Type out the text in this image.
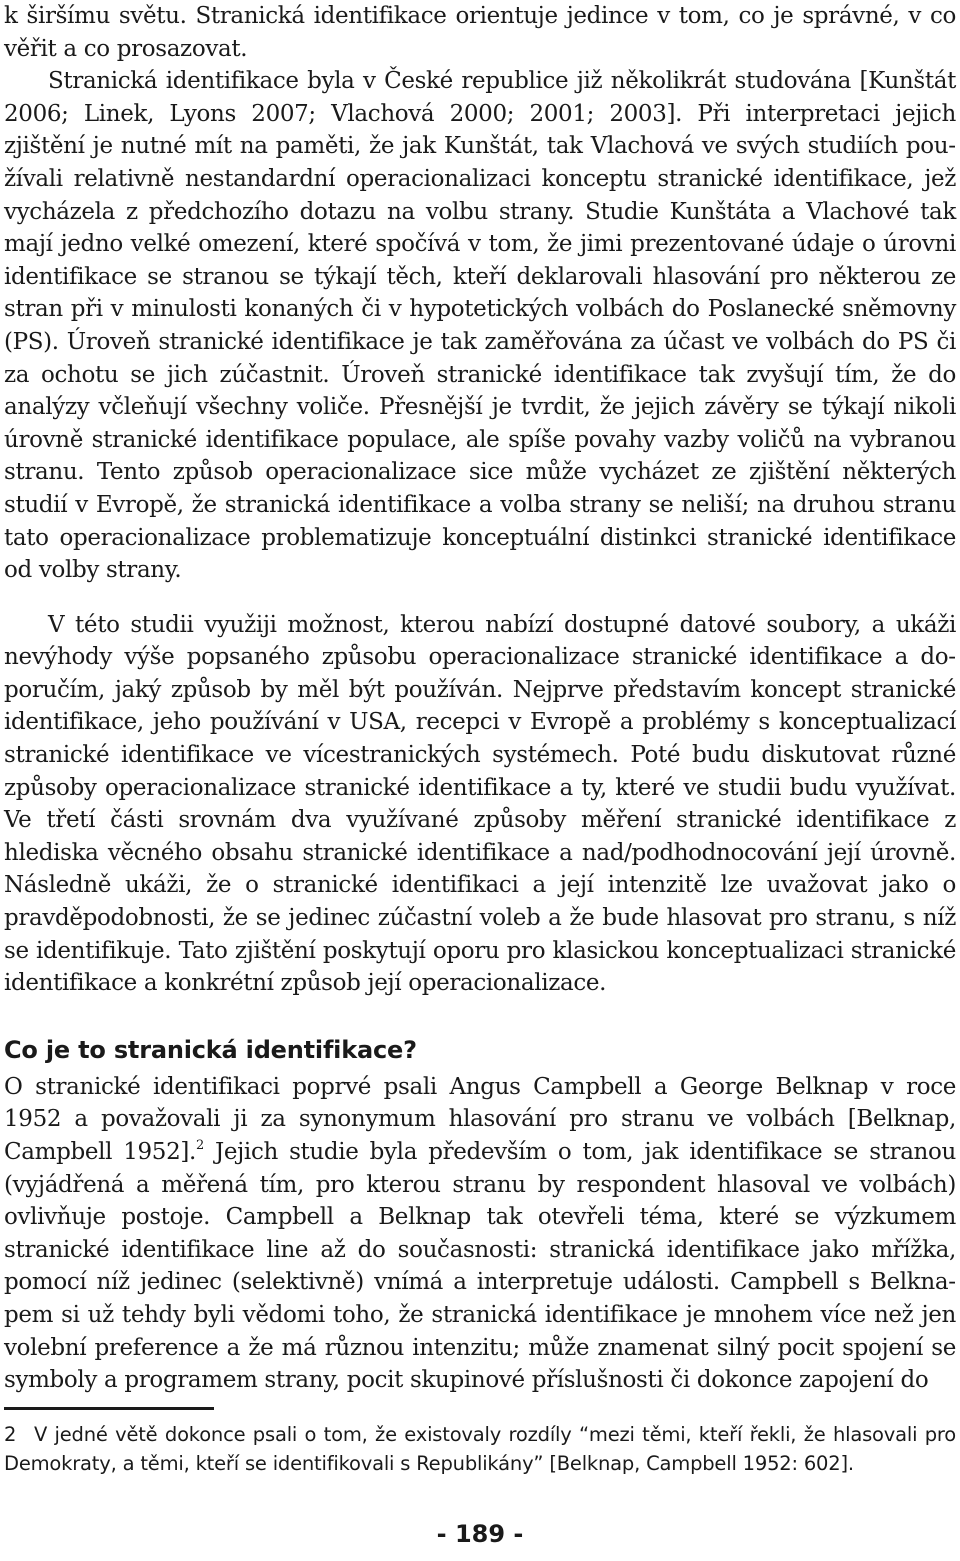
k širšímu světu. Stranická identifikace orientuje jedince v tom, co je správné, v co věřit a co prosazovat.

Stranická identifikace byla v České republice již několikrát studována [Kunštát 2006; Linek, Lyons 2007; Vlachová 2000; 2001; 2003]. Při interpretaci jejich zjištění je nutné mít na paměti, že jak Kunštát, tak Vlachová ve svých studiích používali relativně nestandardní operacionalizaci konceptu stranické identifikace, jež vycházela z předchozího dotazu na volbu strany. Studie Kunštáta a Vlachové tak mají jedno velké omezení, které spočívá v tom, že jimi prezentované údaje o úrovni identifikace se stranou se týkají těch, kteří deklarovali hlasování pro některou ze stran při v minulosti konaných či v hypotetických volbách do Poslanecké sněmovny (PS). Úroveň stranické identifikace je tak zaměřována za účast ve volbách do PS či za ochotu se jich zúčastnit. Úroveň stranické identifikace tak zvyšují tím, že do analýzy včleňují všechny voliče. Přesnější je tvrdit, že jejich závěry se týkají nikoli úrovně stranické identifikace populace, ale spíše povahy vazby voličů na vybranou stranu. Tento způsob operacionalizace sice může vycházet ze zjištění některých studií v Evropě, že stranická identifikace a volba strany se neliší; na druhou stranu tato operacionalizace problematizuje konceptuální distinkci stranické identifikace od volby strany.

V této studii využiji možnost, kterou nabízí dostupné datové soubory, a ukáži nevýhody výše popsaného způsobu operacionalizace stranické identifikace a doporučím, jaký způsob by měl být používán. Nejprve představím koncept stranické identifikace, jeho používání v USA, recepci v Evropě a problémy s konceptualizací stranické identifikace ve vícestranických systémech. Poté budu diskutovat různé způsoby operacionalizace stranické identifikace a ty, které ve studii budu využívat. Ve třetí části srovnám dva využívané způsoby měření stranické identifikace z hlediska věcného obsahu stranické identifikace a nad/podhodnocování její úrovně. Následně ukáži, že o stranické identifikaci a její intenzitě lze uvažovat jako o pravděpodobnosti, že se jedinec zúčastní voleb a že bude hlasovat pro stranu, s níž se identifikuje. Tato zjištění poskytují oporu pro klasickou konceptualizaci stranické identifikace a konkrétní způsob její operacionalizace.

Co je to stranická identifikace?

O stranické identifikaci poprvé psali Angus Campbell a George Belknap v roce 1952 a považovali ji za synonymum hlasování pro stranu ve volbách [Belknap, Campbell 1952].$^2$ Jejich studie byla především o tom, jak identifikace se stranou (vyjádřená a měřená tím, pro kterou stranu by respondent hlasoval ve volbách) ovlivňuje postoje. Campbell a Belknap tak otevřeli téma, které se výzkumem stranické identifikace line až do současnosti: stranická identifikace jako mřížka, pomocí níž jedinec (selektivně) vnímá a interpretuje události. Campbell s Belknapem si už tehdy byli vědomi toho, že stranická identifikace je mnohem více než jen volební preference a že má různou intenzitu; může znamenat silný pocit spojení se symboly a programem strany, pocit skupinové příslušnosti či dokonce zapojení do

2 V jedné větě dokonce psali o tom, že existovaly rozdíly “mezi těmi, kteří řekli, že hlasovali pro Demokraty, a těmi, kteří se identifikovali s Republikány” [Belknap, Campbell 1952: 602].

- 189 -
